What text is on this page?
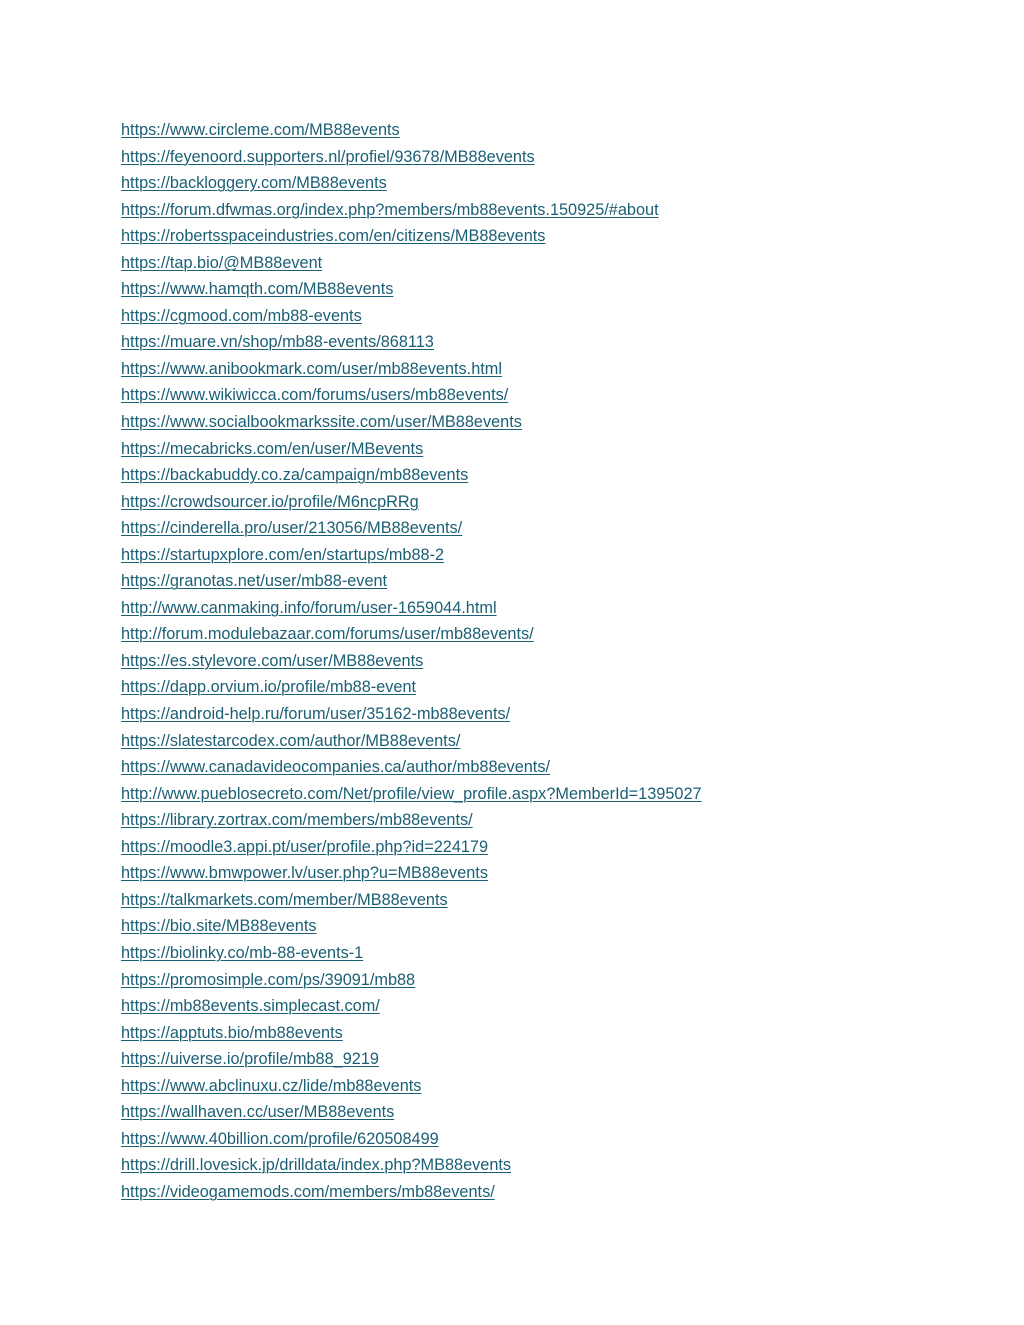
https://www.circleme.com/MB88events
https://feyenoord.supporters.nl/profiel/93678/MB88events
https://backloggery.com/MB88events
https://forum.dfwmas.org/index.php?members/mb88events.150925/#about
https://robertsspaceindustries.com/en/citizens/MB88events
https://tap.bio/@MB88event
https://www.hamqth.com/MB88events
https://cgmood.com/mb88-events
https://muare.vn/shop/mb88-events/868113
https://www.anibookmark.com/user/mb88events.html
https://www.wikiwicca.com/forums/users/mb88events/
https://www.socialbookmarkssite.com/user/MB88events
https://mecabricks.com/en/user/MBevents
https://backabuddy.co.za/campaign/mb88events
https://crowdsourcer.io/profile/M6ncpRRg
https://cinderella.pro/user/213056/MB88events/
https://startupxplore.com/en/startups/mb88-2
https://granotas.net/user/mb88-event
http://www.canmaking.info/forum/user-1659044.html
http://forum.modulebazaar.com/forums/user/mb88events/
https://es.stylevore.com/user/MB88events
https://dapp.orvium.io/profile/mb88-event
https://android-help.ru/forum/user/35162-mb88events/
https://slatestarcodex.com/author/MB88events/
https://www.canadavideocompanies.ca/author/mb88events/
http://www.pueblosecreto.com/Net/profile/view_profile.aspx?MemberId=1395027
https://library.zortrax.com/members/mb88events/
https://moodle3.appi.pt/user/profile.php?id=224179
https://www.bmwpower.lv/user.php?u=MB88events
https://talkmarkets.com/member/MB88events
https://bio.site/MB88events
https://biolinky.co/mb-88-events-1
https://promosimple.com/ps/39091/mb88
https://mb88events.simplecast.com/
https://apptuts.bio/mb88events
https://uiverse.io/profile/mb88_9219
https://www.abclinuxu.cz/lide/mb88events
https://wallhaven.cc/user/MB88events
https://www.40billion.com/profile/620508499
https://drill.lovesick.jp/drilldata/index.php?MB88events
https://videogamemods.com/members/mb88events/
